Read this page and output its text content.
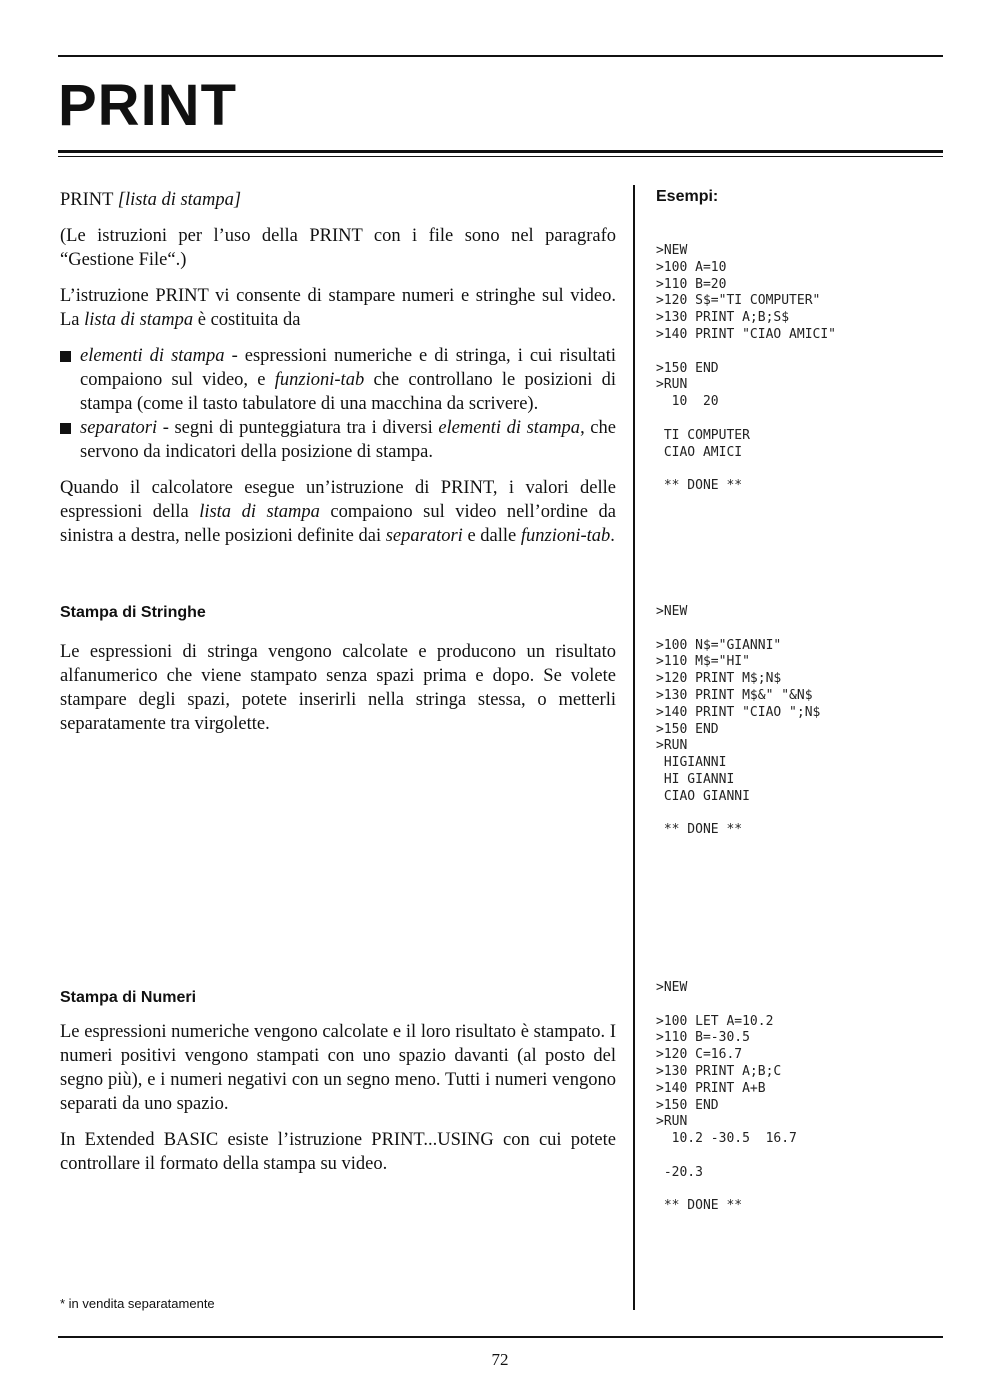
PRINT

PRINT [lista di stampa]

(Le istruzioni per l’uso della PRINT con i file sono nel paragrafo “Gestione File“.)

L’istruzione PRINT vi consente di stampare numeri e stringhe sul video. La lista di stampa è costituita da

elementi di stampa - espressioni numeriche e di stringa, i cui risultati compaiono sul video, e funzioni-tab che controllano le posizioni di stampa (come il tasto tabulatore di una macchina da scrivere).

separatori - segni di punteggiatura tra i diversi elementi di stampa, che servono da indicatori della posizione di stampa.

Quando il calcolatore esegue un’istruzione di PRINT, i valori delle espressioni della lista di stampa compaiono sul video nell’ordine da sinistra a destra, nelle posizioni definite dai separatori e dalle funzioni-tab.

Stampa di Stringhe

Le espressioni di stringa vengono calcolate e producono un risultato alfanumerico che viene stampato senza spazi prima e dopo. Se volete stampare degli spazi, potete inserirli nella stringa stessa, o metterli separatamente tra virgolette.

Stampa di Numeri

Le espressioni numeriche vengono calcolate e il loro risultato è stampato. I numeri positivi vengono stampati con uno spazio davanti (al posto del segno più), e i numeri negativi con un segno meno. Tutti i numeri vengono separati da uno spazio.

In Extended BASIC esiste l’istruzione PRINT...USING con cui potete controllare il formato della stampa su video.

* in vendita separatamente

Esempi:
>NEW
>100 A=10
>110 B=20
>120 S$="TI COMPUTER"
>130 PRINT A;B;S$
>140 PRINT "CIAO AMICI"

>150 END
>RUN
10  20

TI COMPUTER
CIAO AMICI

** DONE **
>NEW

>100 N$="GIANNI"
>110 M$="HI"
>120 PRINT M$;N$
>130 PRINT M$&" "&N$
>140 PRINT "CIAO ";N$
>150 END
>RUN
HIGIANNI
HI GIANNI
CIAO GIANNI

** DONE **
>NEW

>100 LET A=10.2
>110 B=-30.5
>120 C=16.7
>130 PRINT A;B;C
>140 PRINT A+B
>150 END
>RUN
10.2 -30.5  16.7

-20.3

** DONE **

72
